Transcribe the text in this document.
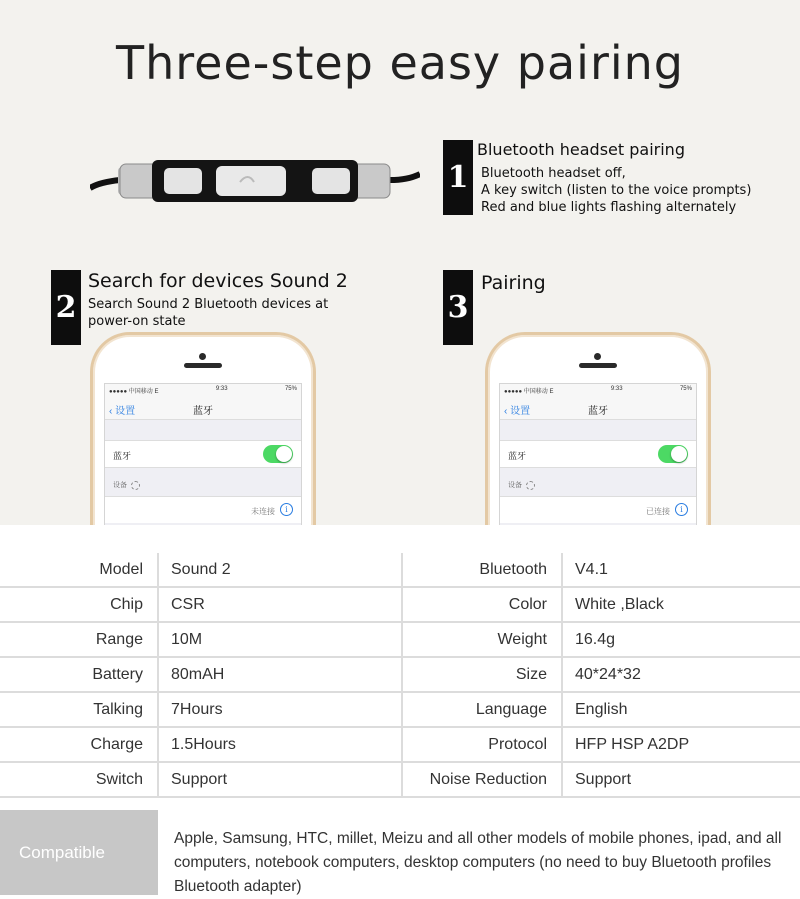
Three-step easy pairing
1
Bluetooth headset pairing
Bluetooth headset off,
A key switch (listen to the voice prompts)
Red and blue lights flashing alternately
2
Search for devices Sound 2
Search Sound 2 Bluetooth devices at
power-on state	3
Pairing
●●●●● 中国移动 E	9:33	75%
‹ 设置	蓝牙
蓝牙
设备
未连接	i
●●●●● 中国移动 E	9:33	75%
‹ 设置	蓝牙
蓝牙
设备
已连接	i
Model	Sound 2	Bluetooth	V4.1
Chip	CSR	Color	White ,Black
Range	10M	Weight	16.4g
Battery	80mAH	Size	40*24*32
Talking	7Hours	Language	English
Charge	1.5Hours	Protocol	HFP HSP A2DP
Switch	Support	Noise Reduction	Support
Compatible
Apple, Samsung, HTC, millet, Meizu and all other models of mobile phones, ipad, and all computers, notebook computers, desktop computers (no need to buy Bluetooth profiles Bluetooth adapter)
